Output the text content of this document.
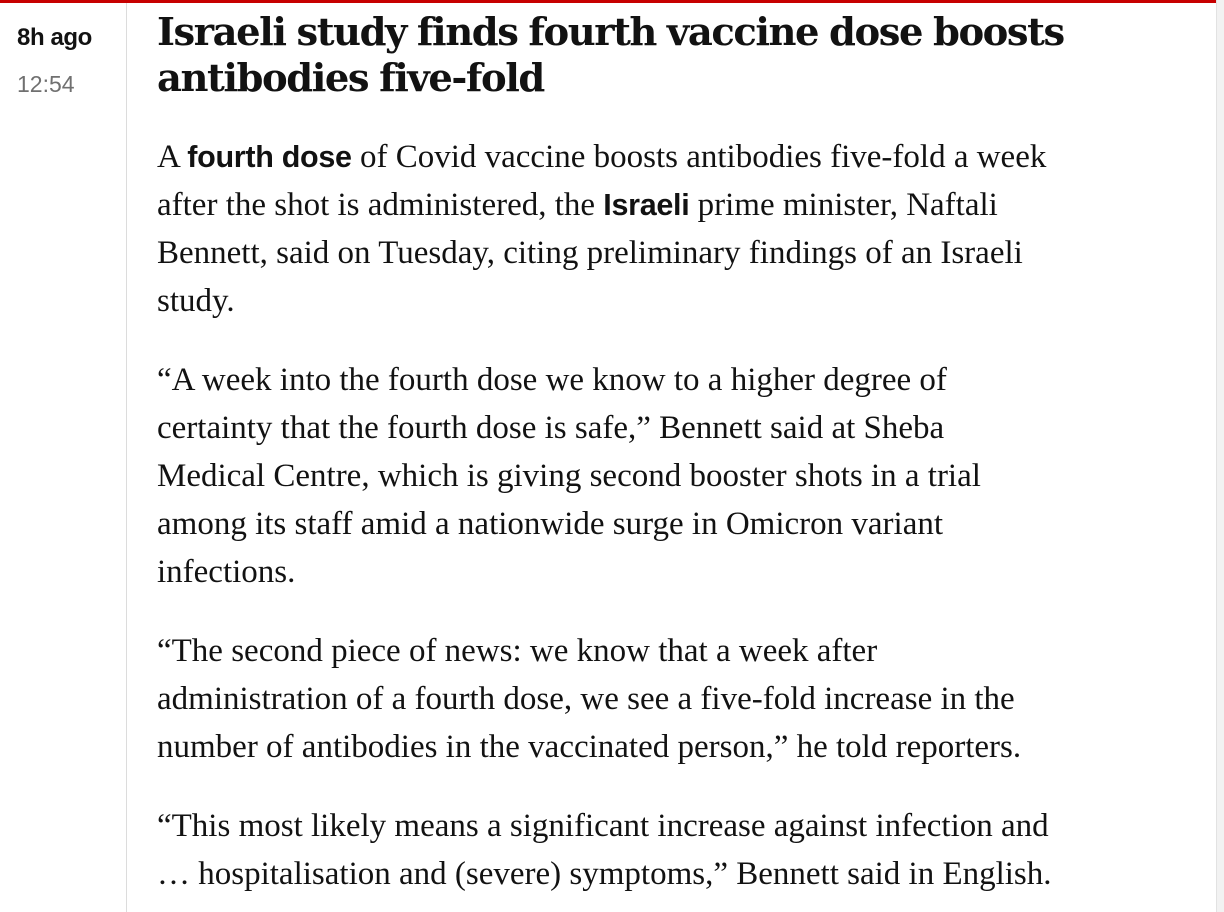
8h ago
12:54
Israeli study finds fourth vaccine dose boosts
antibodies five-fold

A fourth dose of Covid vaccine boosts antibodies five-fold a week
after the shot is administered, the Israeli prime minister, Naftali
Bennett, said on Tuesday, citing preliminary findings of an Israeli
study.

“A week into the fourth dose we know to a higher degree of
certainty that the fourth dose is safe,” Bennett said at Sheba
Medical Centre, which is giving second booster shots in a trial
among its staff amid a nationwide surge in Omicron variant
infections.

“The second piece of news: we know that a week after
administration of a fourth dose, we see a five-fold increase in the
number of antibodies in the vaccinated person,” he told reporters.

“This most likely means a significant increase against infection and
… hospitalisation and (severe) symptoms,” Bennett said in English.
